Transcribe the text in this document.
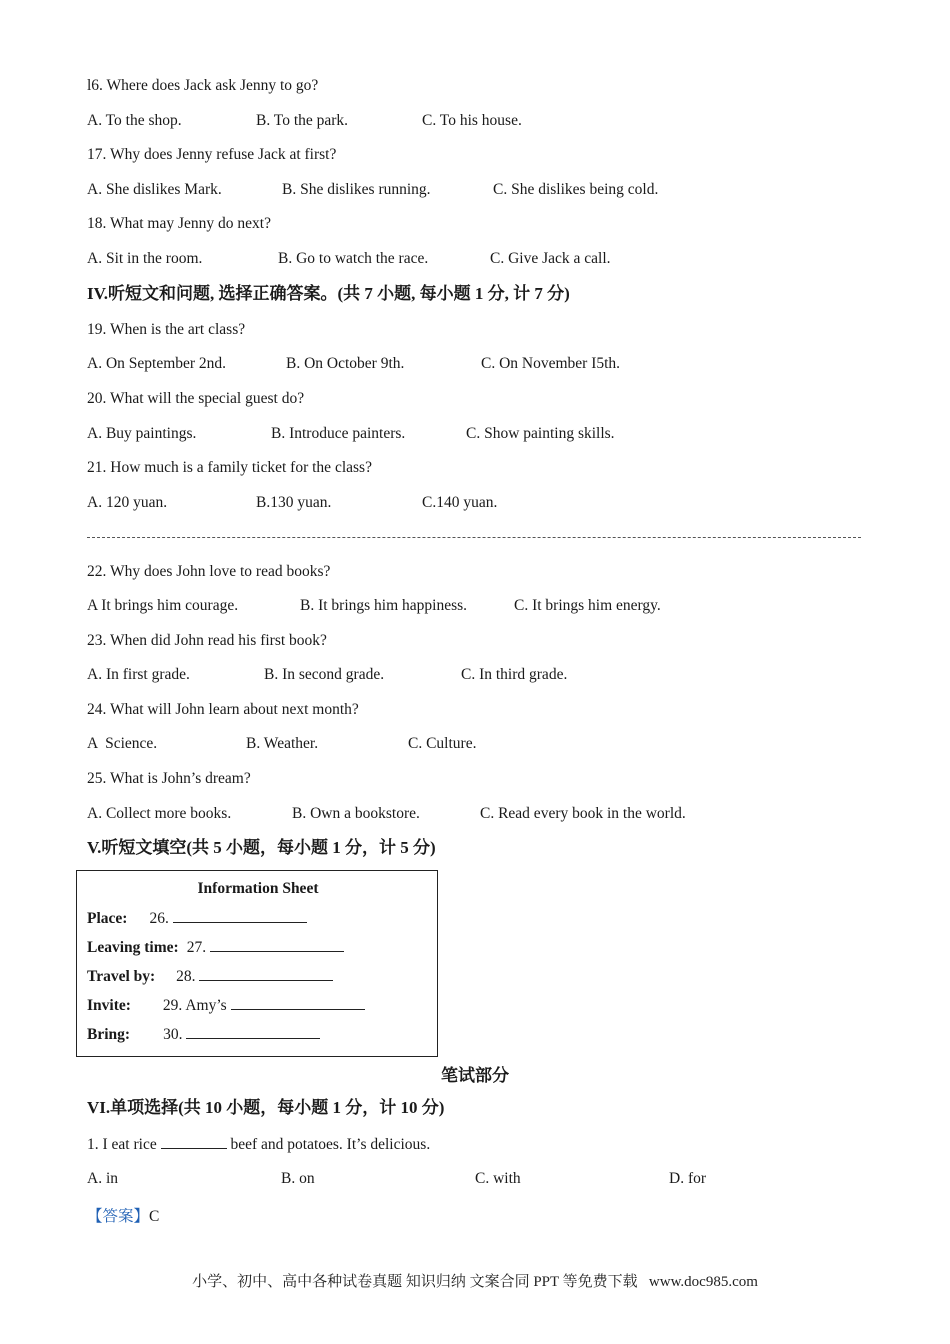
l6. Where does Jack ask Jenny to go?

A. To the shop.

	B. To the park.

	C. To his house.

17. Why does Jenny refuse Jack at first?

A. She dislikes Mark.

	B. She dislikes running.

	C. She dislikes being cold.

18. What may Jenny do next?

A. Sit in the room.

	B. Go to watch the race.

	C. Give Jack a call.

IV.听短文和问题, 选择正确答案。(共 7 小题, 每小题 1 分, 计 7 分)
19. When is the art class?

A. On September 2nd.

	B. On October 9th.

	C. On November I5th.

20. What will the special guest do?

A. Buy paintings.

	B. Introduce painters.

	C. Show painting skills.

21. How much is a family ticket for the class?

A. 120 yuan.

	B.130 yuan.

	C.140 yuan.

22. Why does John love to read books?

A It brings him courage.

	B. It brings him happiness.

	C. It brings him energy.

23. When did John read his first book?

A. In first grade.

	B. In second grade.

	C. In third grade.

24. What will John learn about next month?

A  Science.

	B. Weather.

	C. Culture.

25. What is John’s dream?

A. Collect more books.

	B. Own a bookstore.

	C. Read every book in the world.

V.听短文填空(共 5 小题，每小题 1 分，计 5 分)
Information Sheet
Place: 26.
Leaving time: 27.
Travel by: 28.
Invite: 29. Amy’s
Bring: 30.
笔试部分
VI.单项选择(共 10 小题，每小题 1 分，计 10 分)
1. I eat rice	beef and potatoes. It’s delicious.

A. in

	B. on

	C. with

	D. for

【答案】C
小学、初中、高中各种试卷真题 知识归纳 文案合同 PPT 等免费下载   www.doc985.com
